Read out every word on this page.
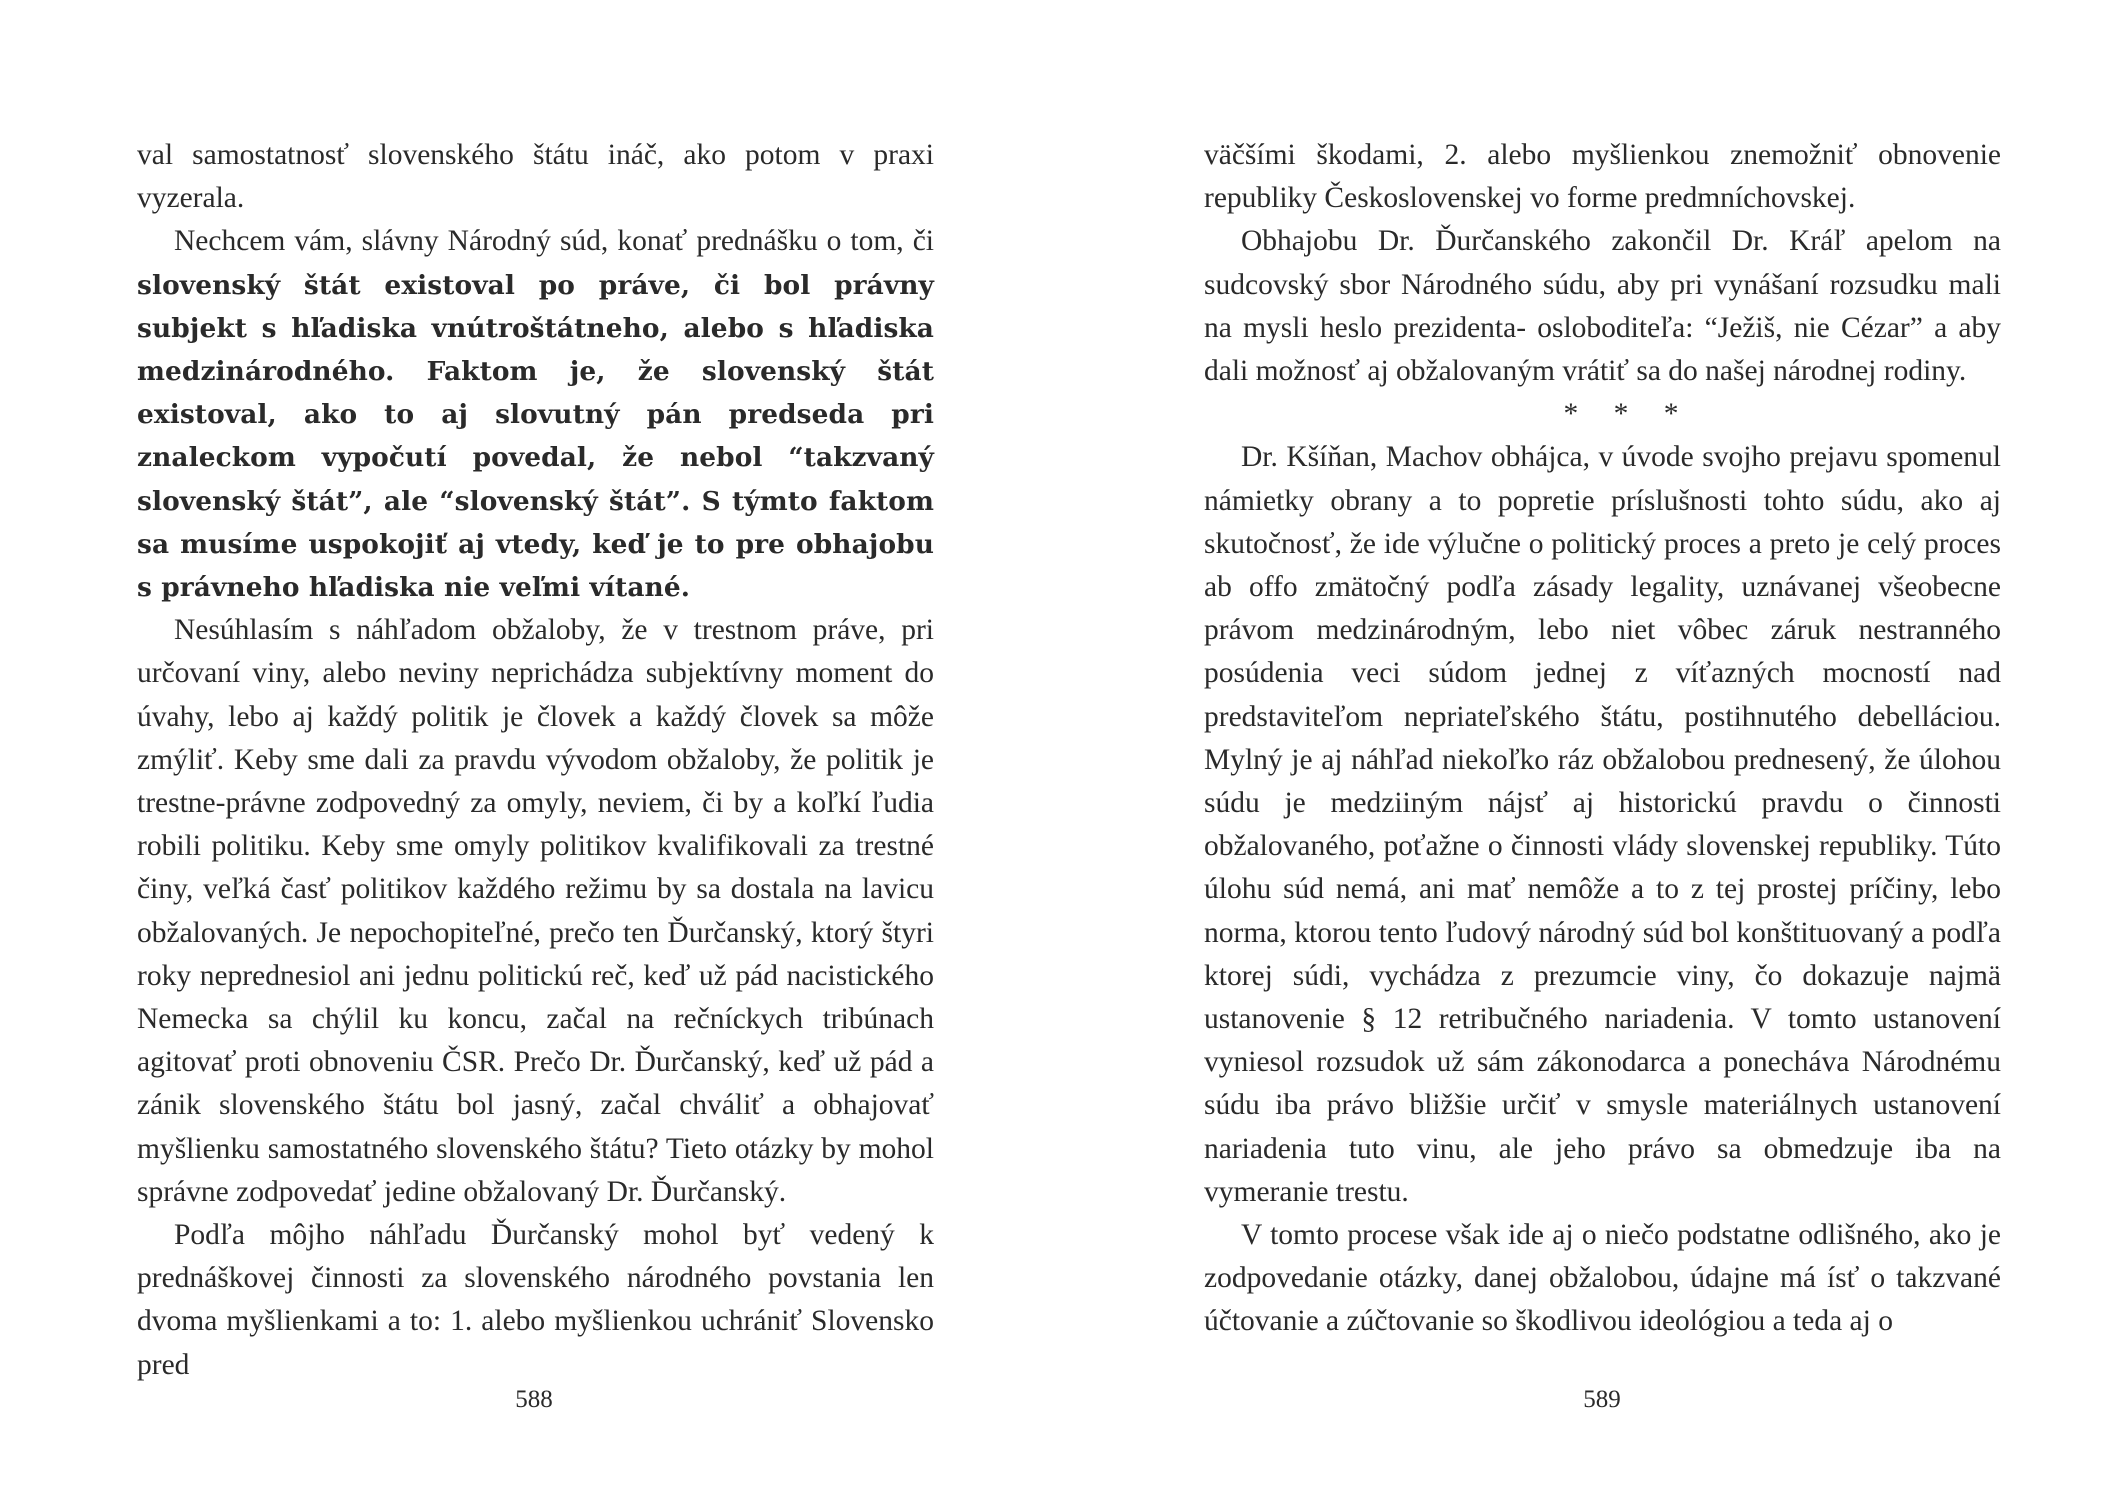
val samostatnosť slovenského štátu ináč, ako potom v praxi vyzerala.

Nechcem vám, slávny Národný súd, konať prednášku o tom, či slovenský štát existoval po práve, či bol právny subjekt s hľadiska vnútroštátneho, alebo s hľadiska medzinárodného. Faktom je, že slovenský štát existoval, ako to aj slovutný pán predseda pri znaleckom vypočutí povedal, že nebol “takzvaný slovenský štát”, ale “slovenský štát”. S týmto faktom sa musíme uspokojiť aj vtedy, keď je to pre obhajobu s právneho hľadiska nie veľmi vítané.

Nesúhlasím s náhľadom obžaloby, že v trestnom práve, pri určovaní viny, alebo neviny neprichádza subjektívny moment do úvahy, lebo aj každý politik je človek a každý človek sa môže zmýliť. Keby sme dali za pravdu vývodom obžaloby, že politik je trestne-právne zodpovedný za omyly, neviem, či by a koľkí ľudia robili politiku. Keby sme omyly politikov kvalifikovali za trestné činy, veľká časť politikov každého režimu by sa dostala na lavicu obžalovaných. Je nepochopiteľné, prečo ten Ďurčanský, ktorý štyri roky neprednesiol ani jednu politickú reč, keď už pád nacistického Nemecka sa chýlil ku koncu, začal na rečníckych tribúnach agitovať proti obnoveniu ČSR. Prečo Dr. Ďurčanský, keď už pád a zánik slovenského štátu bol jasný, začal chváliť a obhajovať myšlienku samostatného slovenského štátu? Tieto otázky by mohol správne zodpovedať jedine obžalovaný Dr. Ďurčanský.

Podľa môjho náhľadu Ďurčanský mohol byť vedený k prednáškovej činnosti za slovenského národného povstania len dvoma myšlienkami a to: 1. alebo myšlienkou uchrániť Slovensko pred

588

väčšími škodami, 2. alebo myšlienkou znemožniť obnovenie republiky Československej vo forme predmníchovskej.

Obhajobu Dr. Ďurčanského zakončil Dr. Kráľ apelom na sudcovský sbor Národného súdu, aby pri vynášaní rozsudku mali na mysli heslo prezidenta- osloboditeľa: “Ježiš, nie Cézar” a aby dali možnosť aj obžalovaným vrátiť sa do našej národnej rodiny.

* * *

Dr. Kšíňan, Machov obhájca, v úvode svojho prejavu spomenul námietky obrany a to popretie príslušnosti tohto súdu, ako aj skutočnosť, že ide výlučne o politický proces a preto je celý proces ab offo zmätočný podľa zásady legality, uznávanej všeobecne právom medzinárodným, lebo niet vôbec záruk nestranného posúdenia veci súdom jednej z víťazných mocností nad predstaviteľom nepriateľského štátu, postihnutého debelláciou. Mylný je aj náhľad niekoľko ráz obžalobou prednesený, že úlohou súdu je medziiným nájsť aj historickú pravdu o činnosti obžalovaného, poťažne o činnosti vlády slovenskej republiky. Túto úlohu súd nemá, ani mať nemôže a to z tej prostej príčiny, lebo norma, ktorou tento ľudový národný súd bol konštituovaný a podľa ktorej súdi, vychádza z prezumcie viny, čo dokazuje najmä ustanovenie § 12 retribučného nariadenia. V tomto ustanovení vyniesol rozsudok už sám zákonodarca a ponecháva Národnému súdu iba právo bližšie určiť v smysle materiálnych ustanovení nariadenia tuto vinu, ale jeho právo sa obmedzuje iba na vymeranie trestu.

V tomto procese však ide aj o niečo podstatne odlišného, ako je zodpovedanie otázky, danej obžalobou, údajne má ísť o takzvané účtovanie a zúčtovanie so škodlivou ideológiou a teda aj o

589
